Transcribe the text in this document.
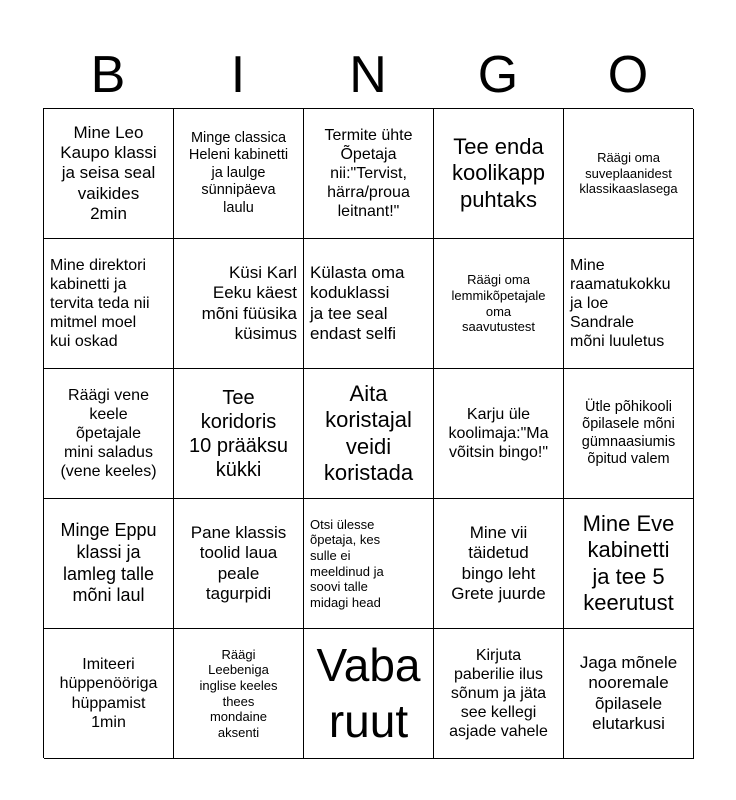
B	I	N	G	O
Mine Leo
Kaupo klassi
ja seisa seal
vaikides
2min
Minge classica
Heleni kabinetti
ja laulge
sünnipäeva
laulu
Termite ühte
Õpetaja
nii:"Tervist,
härra/proua
leitnant!"
Tee enda
koolikapp
puhtaks
Räägi oma
suveplaanidest
klassikaaslasega
Mine direktori
kabinetti ja
tervita teda nii
mitmel moel
kui oskad
Küsi Karl
Eeku käest
mõni füüsika
küsimus
Külasta oma
koduklassi
ja tee seal
endast selfi
Räägi oma
lemmikõpetajale
oma
saavutustest
Mine
raamatukokku
ja loe
Sandrale
mõni luuletus
Räägi vene
keele
õpetajale
mini saladus
(vene keeles)
Tee
koridoris
10 prääksu
kükki
Aita
koristajal
veidi
koristada
Karju üle
koolimaja:"Ma
võitsin bingo!"
Ütle põhikooli
õpilasele mõni
gümnaasiumis
õpitud valem
Minge Eppu
klassi ja
lamleg talle
mõni laul
Pane klassis
toolid laua
peale
tagurpidi
Otsi ülesse
õpetaja, kes
sulle ei
meeldinud ja
soovi talle
midagi head
Mine vii
täidetud
bingo leht
Grete juurde
Mine Eve
kabinetti
ja tee 5
keerutust
Imiteeri
hüppenööriga
hüppamist
1min
Räägi
Leebeniga
inglise keeles
thees
mondaine
aksenti
Vaba
ruut
Kirjuta
paberilie ilus
sõnum ja jäta
see kellegi
asjade vahele
Jaga mõnele
nooremale
õpilasele
elutarkusi
